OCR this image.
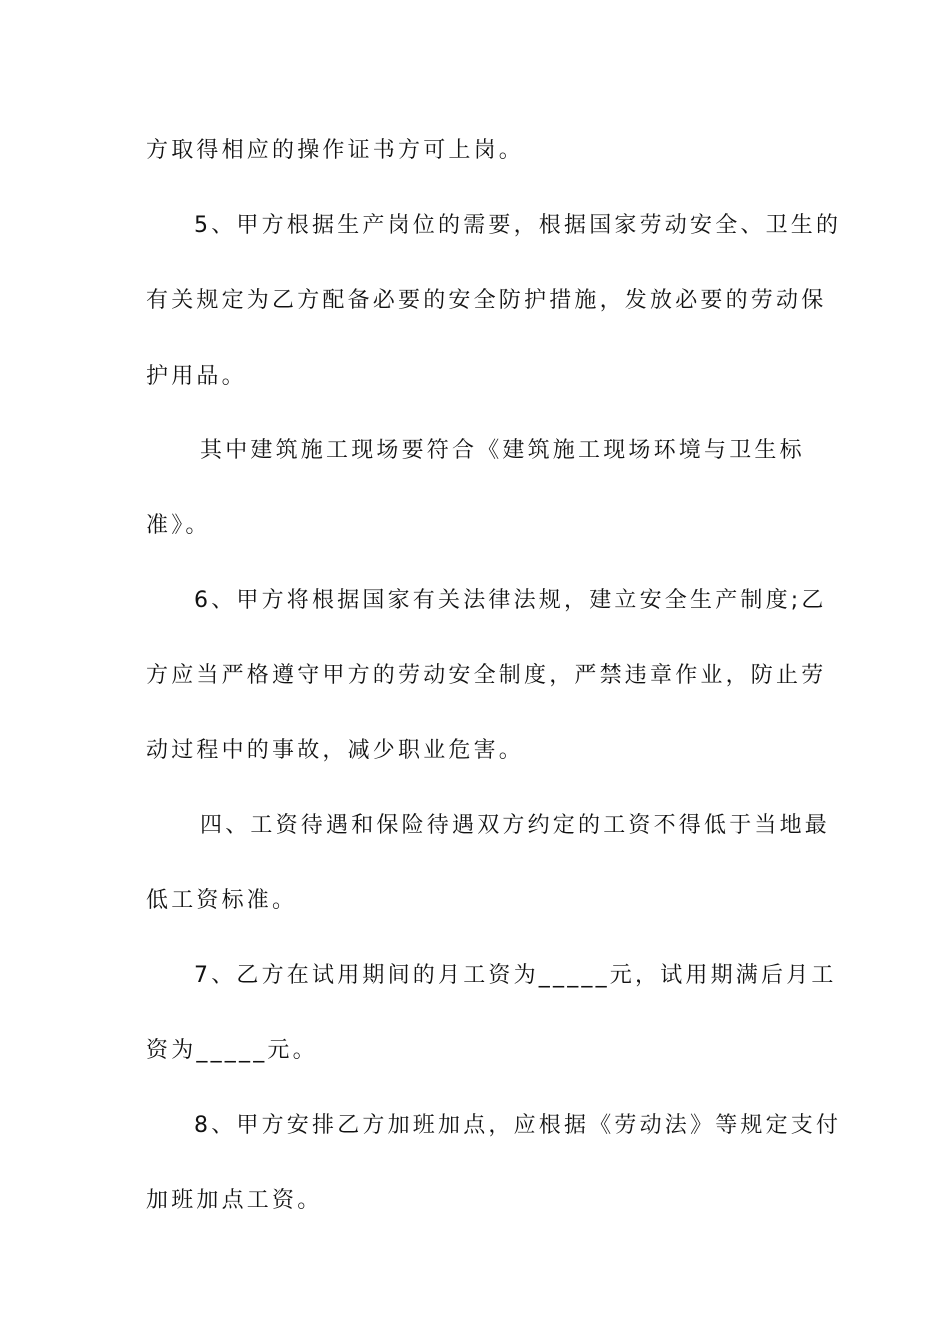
方取得相应的操作证书方可上岗。
5、甲方根据生产岗位的需要，根据国家劳动安全、卫生的
有关规定为乙方配备必要的安全防护措施，发放必要的劳动保
护用品。
其中建筑施工现场要符合《建筑施工现场环境与卫生标
准》。
6、甲方将根据国家有关法律法规，建立安全生产制度;乙
方应当严格遵守甲方的劳动安全制度，严禁违章作业，防止劳
动过程中的事故，减少职业危害。
四、工资待遇和保险待遇双方约定的工资不得低于当地最
低工资标准。
7、乙方在试用期间的月工资为_____元，试用期满后月工
资为_____元。
8、甲方安排乙方加班加点，应根据《劳动法》等规定支付
加班加点工资。
